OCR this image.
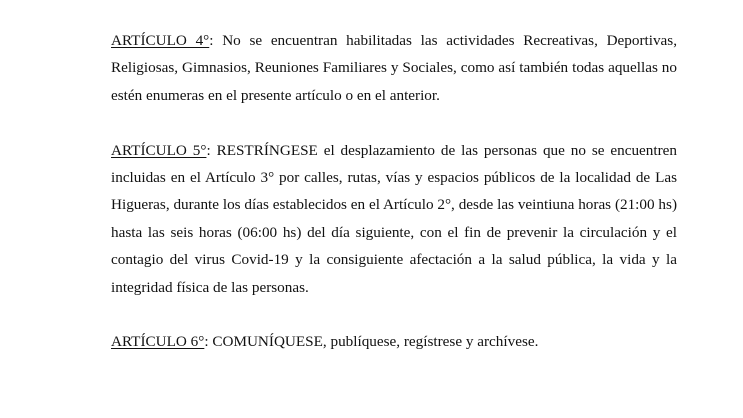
ARTÍCULO 4°: No se encuentran habilitadas las actividades Recreativas, Deportivas, Religiosas, Gimnasios, Reuniones Familiares y Sociales, como así también todas aquellas no estén enumeras en el presente artículo o en el anterior.

ARTÍCULO 5°: RESTRÍNGESE el desplazamiento de las personas que no se encuentren incluidas en el Artículo 3° por calles, rutas, vías y espacios públicos de la localidad de Las Higueras, durante los días establecidos en el Artículo 2°, desde las veintiuna horas (21:00 hs) hasta las seis horas (06:00 hs) del día siguiente, con el fin de prevenir la circulación y el contagio del virus Covid-19 y la consiguiente afectación a la salud pública, la vida y la integridad física de las personas.

ARTÍCULO 6°: COMUNÍQUESE, publíquese, regístrese y archívese.
